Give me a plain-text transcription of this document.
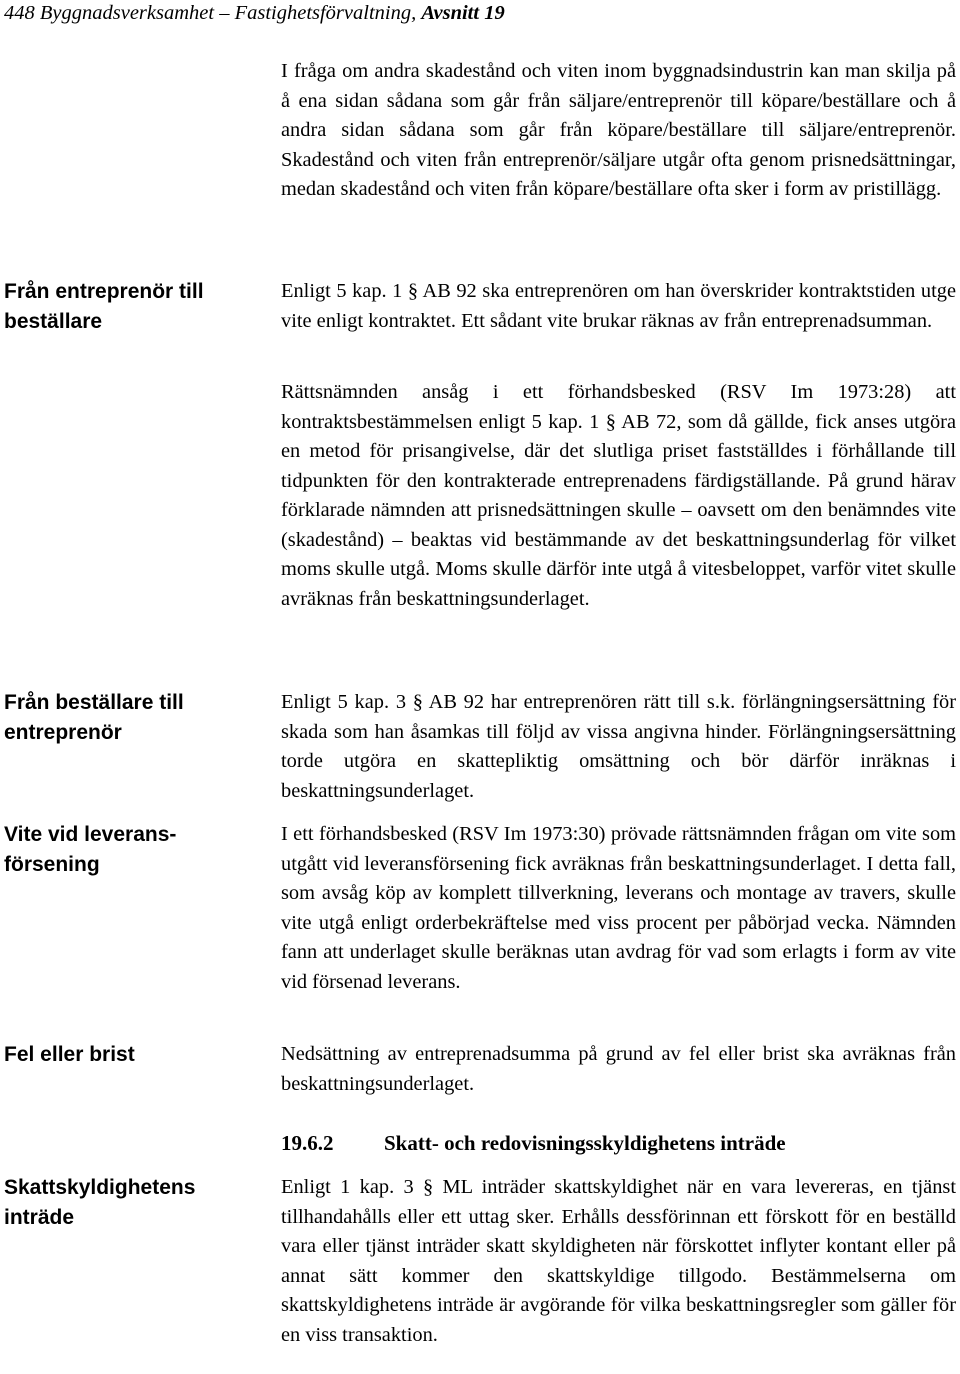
448 Byggnadsverksamhet – Fastighetsförvaltning, Avsnitt 19
Från entreprenör till beställare
Från beställare till entreprenör
Vite vid leveransförsening
Fel eller brist
Skattskyldighetens inträde
I fråga om andra skadestånd och viten inom byggnadsindustrin kan man skilja på å ena sidan sådana som går från säljare/entreprenör till köpare/beställare och å andra sidan sådana som går från köpare/beställare till säljare/entreprenör. Skadestånd och viten från entreprenör/säljare utgår ofta genom prisnedsättningar, medan skadestånd och viten från köpare/beställare ofta sker i form av pristillägg.
Enligt 5 kap. 1 § AB 92 ska entreprenören om han överskrider kontraktstiden utge vite enligt kontraktet. Ett sådant vite brukar räknas av från entreprenadsumman.
Rättsnämnden ansåg i ett förhandsbesked (RSV Im 1973:28) att kontraktsbestämmelsen enligt 5 kap. 1 § AB 72, som då gällde, fick anses utgöra en metod för prisangivelse, där det slutliga priset fastställdes i förhållande till tidpunkten för den kontrakterade entreprenadens färdigställande. På grund härav förklarade nämnden att prisnedsättningen skulle – oavsett om den benämndes vite (skadestånd) – beaktas vid bestämmande av det beskattningsunderlag för vilket moms skulle utgå. Moms skulle därför inte utgå å vitesbeloppet, varför vitet skulle avräknas från beskattningsunderlaget.
Enligt 5 kap. 3 § AB 92 har entreprenören rätt till s.k. förlängningsersättning för skada som han åsamkas till följd av vissa angivna hinder. Förlängningsersättning torde utgöra en skattepliktig omsättning och bör därför inräknas i beskattningsunderlaget.
I ett förhandsbesked (RSV Im 1973:30) prövade rättsnämnden frågan om vite som utgått vid leveransförsening fick avräknas från beskattningsunderlaget. I detta fall, som avsåg köp av komplett tillverkning, leverans och montage av travers, skulle vite utgå enligt orderbekräftelse med viss procent per påbörjad vecka. Nämnden fann att underlaget skulle beräknas utan avdrag för vad som erlagts i form av vite vid försenad leverans.
Nedsättning av entreprenadsumma på grund av fel eller brist ska avräknas från beskattningsunderlaget.
19.6.2 Skatt- och redovisningsskyldighetens inträde
Enligt 1 kap. 3 § ML inträder skattskyldighet när en vara levereras, en tjänst tillhandahålls eller ett uttag sker. Erhålls dessförinnan ett förskott för en beställd vara eller tjänst inträder skatt skyldigheten när förskottet inflyter kontant eller på annat sätt kommer den skattskyldige tillgodo. Bestämmelserna om skattskyldighetens inträde är avgörande för vilka beskattningsregler som gäller för en viss transaktion.
